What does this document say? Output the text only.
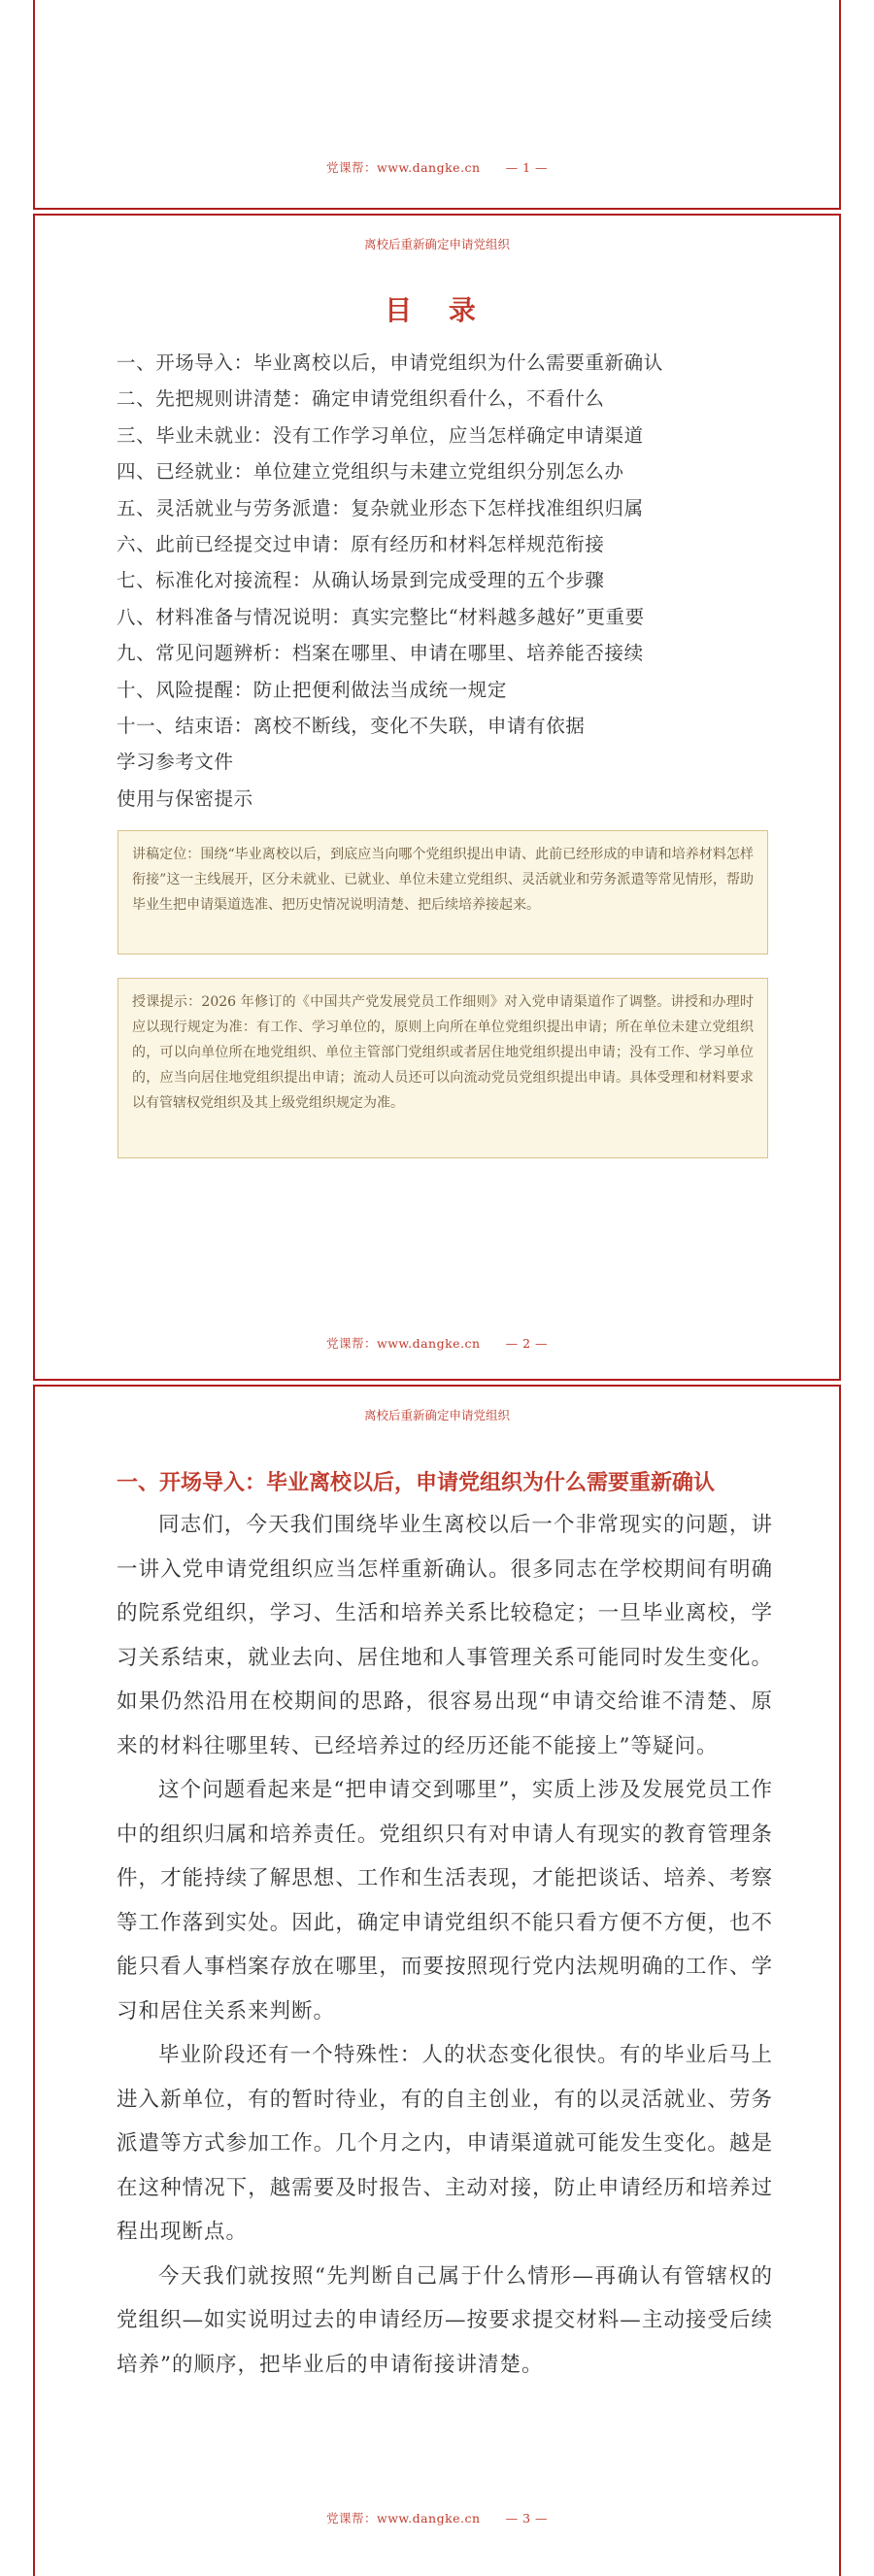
党课帮：www.dangke.cn — 1 —
离校后重新确定申请党组织
目 录
一、开场导入：毕业离校以后，申请党组织为什么需要重新确认
二、先把规则讲清楚：确定申请党组织看什么，不看什么
三、毕业未就业：没有工作学习单位，应当怎样确定申请渠道
四、已经就业：单位建立党组织与未建立党组织分别怎么办
五、灵活就业与劳务派遣：复杂就业形态下怎样找准组织归属
六、此前已经提交过申请：原有经历和材料怎样规范衔接
七、标准化对接流程：从确认场景到完成受理的五个步骤
八、材料准备与情况说明：真实完整比“材料越多越好”更重要
九、常见问题辨析：档案在哪里、申请在哪里、培养能否接续
十、风险提醒：防止把便利做法当成统一规定
十一、结束语：离校不断线，变化不失联，申请有依据
学习参考文件
使用与保密提示
讲稿定位：围绕“毕业离校以后，到底应当向哪个党组织提出申请、此前已经形成的申请和培养材料怎样衔接”这一主线展开，区分未就业、已就业、单位未建立党组织、灵活就业和劳务派遣等常见情形，帮助毕业生把申请渠道选准、把历史情况说明清楚、把后续培养接起来。
授课提示：2026 年修订的《中国共产党发展党员工作细则》对入党申请渠道作了调整。讲授和办理时应以现行规定为准：有工作、学习单位的，原则上向所在单位党组织提出申请；所在单位未建立党组织的，可以向单位所在地党组织、单位主管部门党组织或者居住地党组织提出申请；没有工作、学习单位的，应当向居住地党组织提出申请；流动人员还可以向流动党员党组织提出申请。具体受理和材料要求以有管辖权党组织及其上级党组织规定为准。
党课帮：www.dangke.cn — 2 —
离校后重新确定申请党组织
一、开场导入：毕业离校以后，申请党组织为什么需要重新确认

同志们，今天我们围绕毕业生离校以后一个非常现实的问题，讲一讲入党申请党组织应当怎样重新确认。很多同志在学校期间有明确的院系党组织，学习、生活和培养关系比较稳定；一旦毕业离校，学习关系结束，就业去向、居住地和人事管理关系可能同时发生变化。如果仍然沿用在校期间的思路，很容易出现“申请交给谁不清楚、原来的材料往哪里转、已经培养过的经历还能不能接上”等疑问。

这个问题看起来是“把申请交到哪里”，实质上涉及发展党员工作中的组织归属和培养责任。党组织只有对申请人有现实的教育管理条件，才能持续了解思想、工作和生活表现，才能把谈话、培养、考察等工作落到实处。因此，确定申请党组织不能只看方便不方便，也不能只看人事档案存放在哪里，而要按照现行党内法规明确的工作、学习和居住关系来判断。

毕业阶段还有一个特殊性：人的状态变化很快。有的毕业后马上进入新单位，有的暂时待业，有的自主创业，有的以灵活就业、劳务派遣等方式参加工作。几个月之内，申请渠道就可能发生变化。越是在这种情况下，越需要及时报告、主动对接，防止申请经历和培养过程出现断点。

今天我们就按照“先判断自己属于什么情形—再确认有管辖权的党组织—如实说明过去的申请经历—按要求提交材料—主动接受后续培养”的顺序，把毕业后的申请衔接讲清楚。

党课帮：www.dangke.cn — 3 —
